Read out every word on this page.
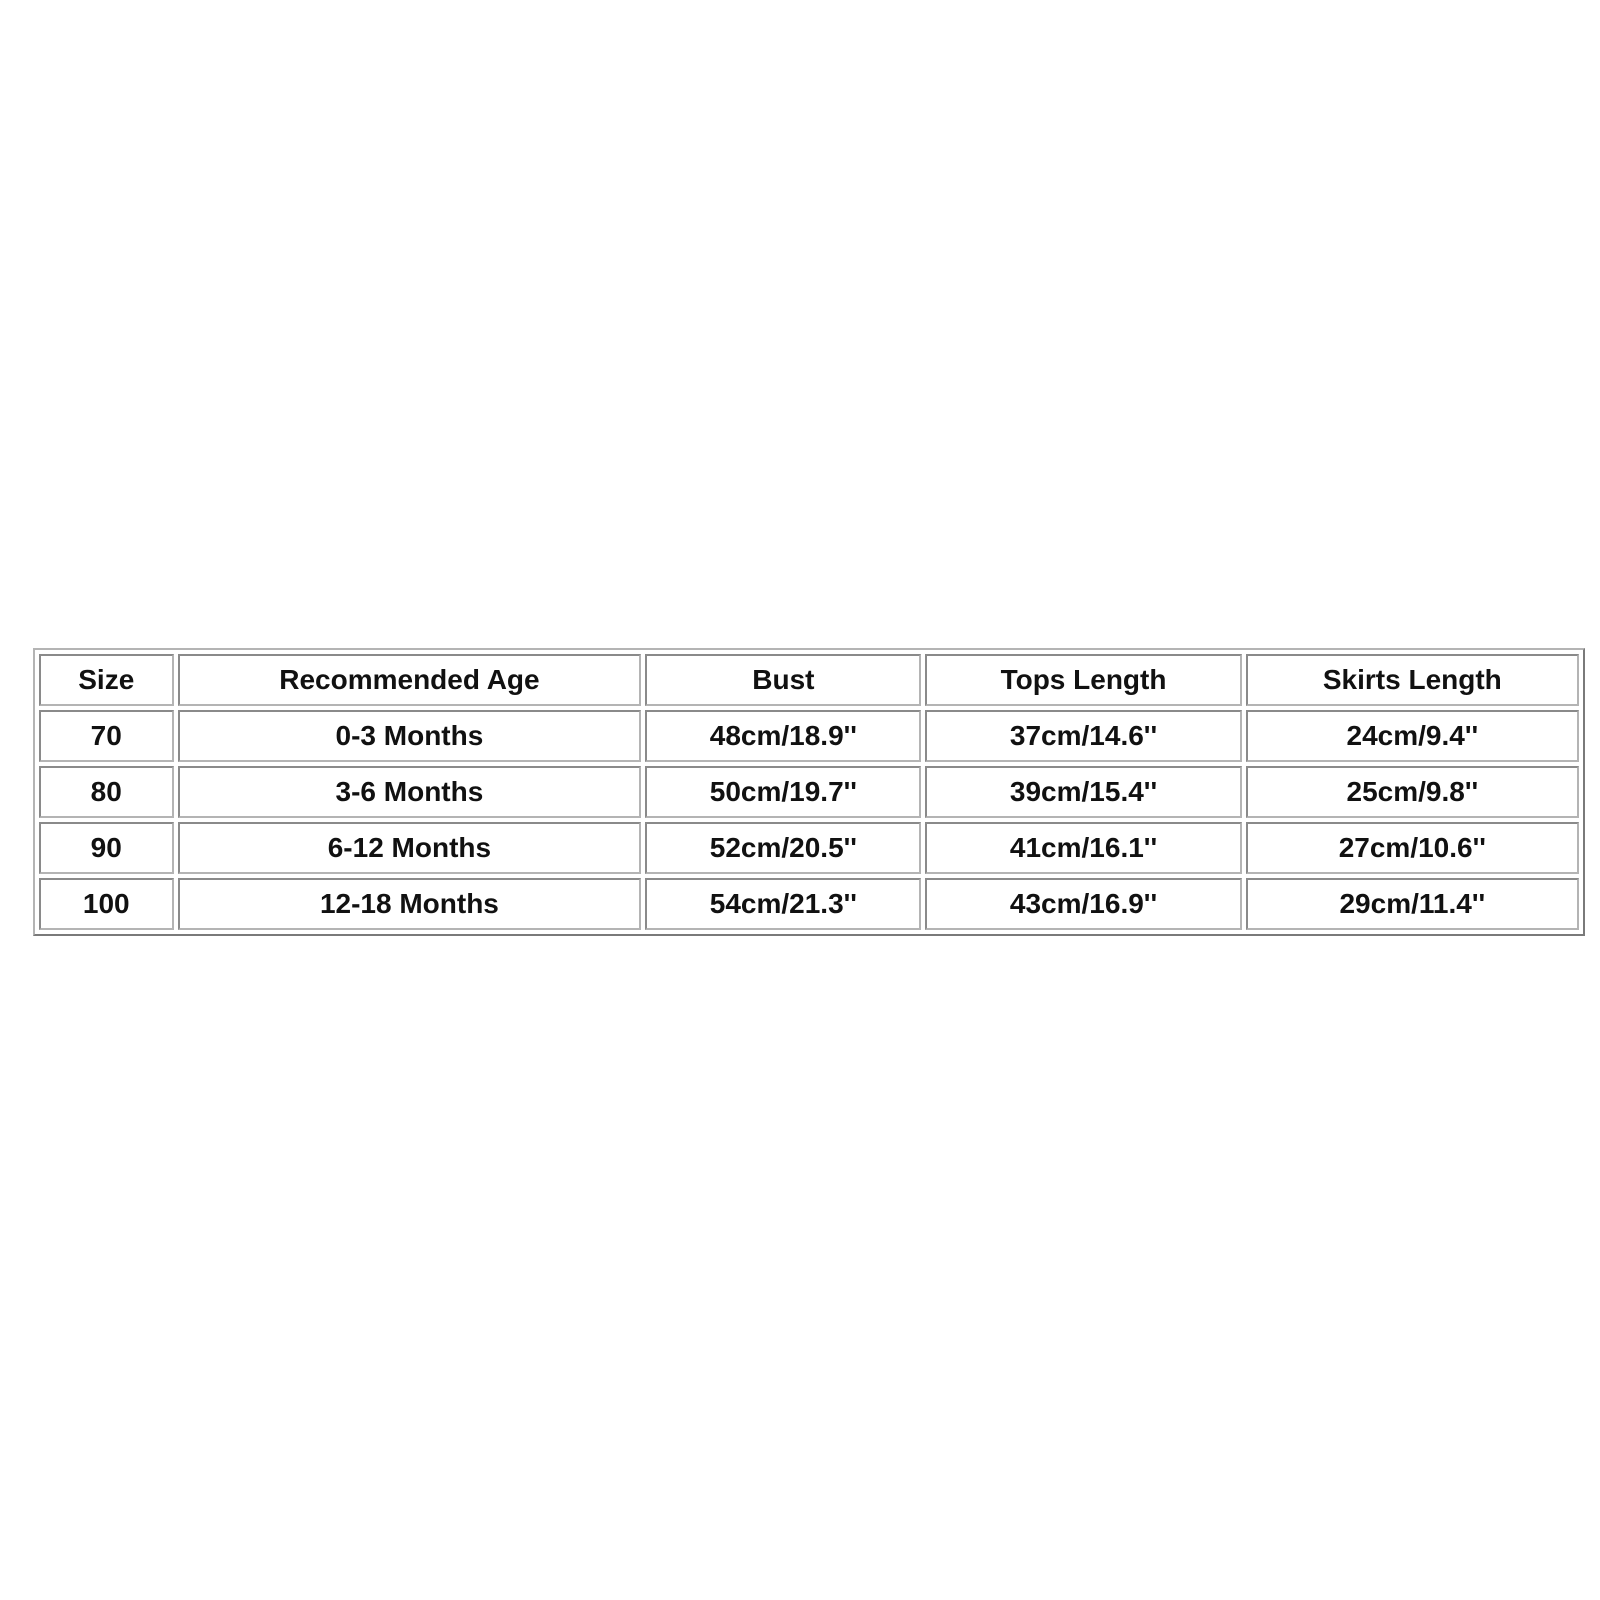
Size	Recommended Age	Bust	Tops Length	Skirts Length
70	0-3 Months	48cm/18.9''	37cm/14.6''	24cm/9.4''
80	3-6 Months	50cm/19.7''	39cm/15.4''	25cm/9.8''
90	6-12 Months	52cm/20.5''	41cm/16.1''	27cm/10.6''
100	12-18 Months	54cm/21.3''	43cm/16.9''	29cm/11.4''
